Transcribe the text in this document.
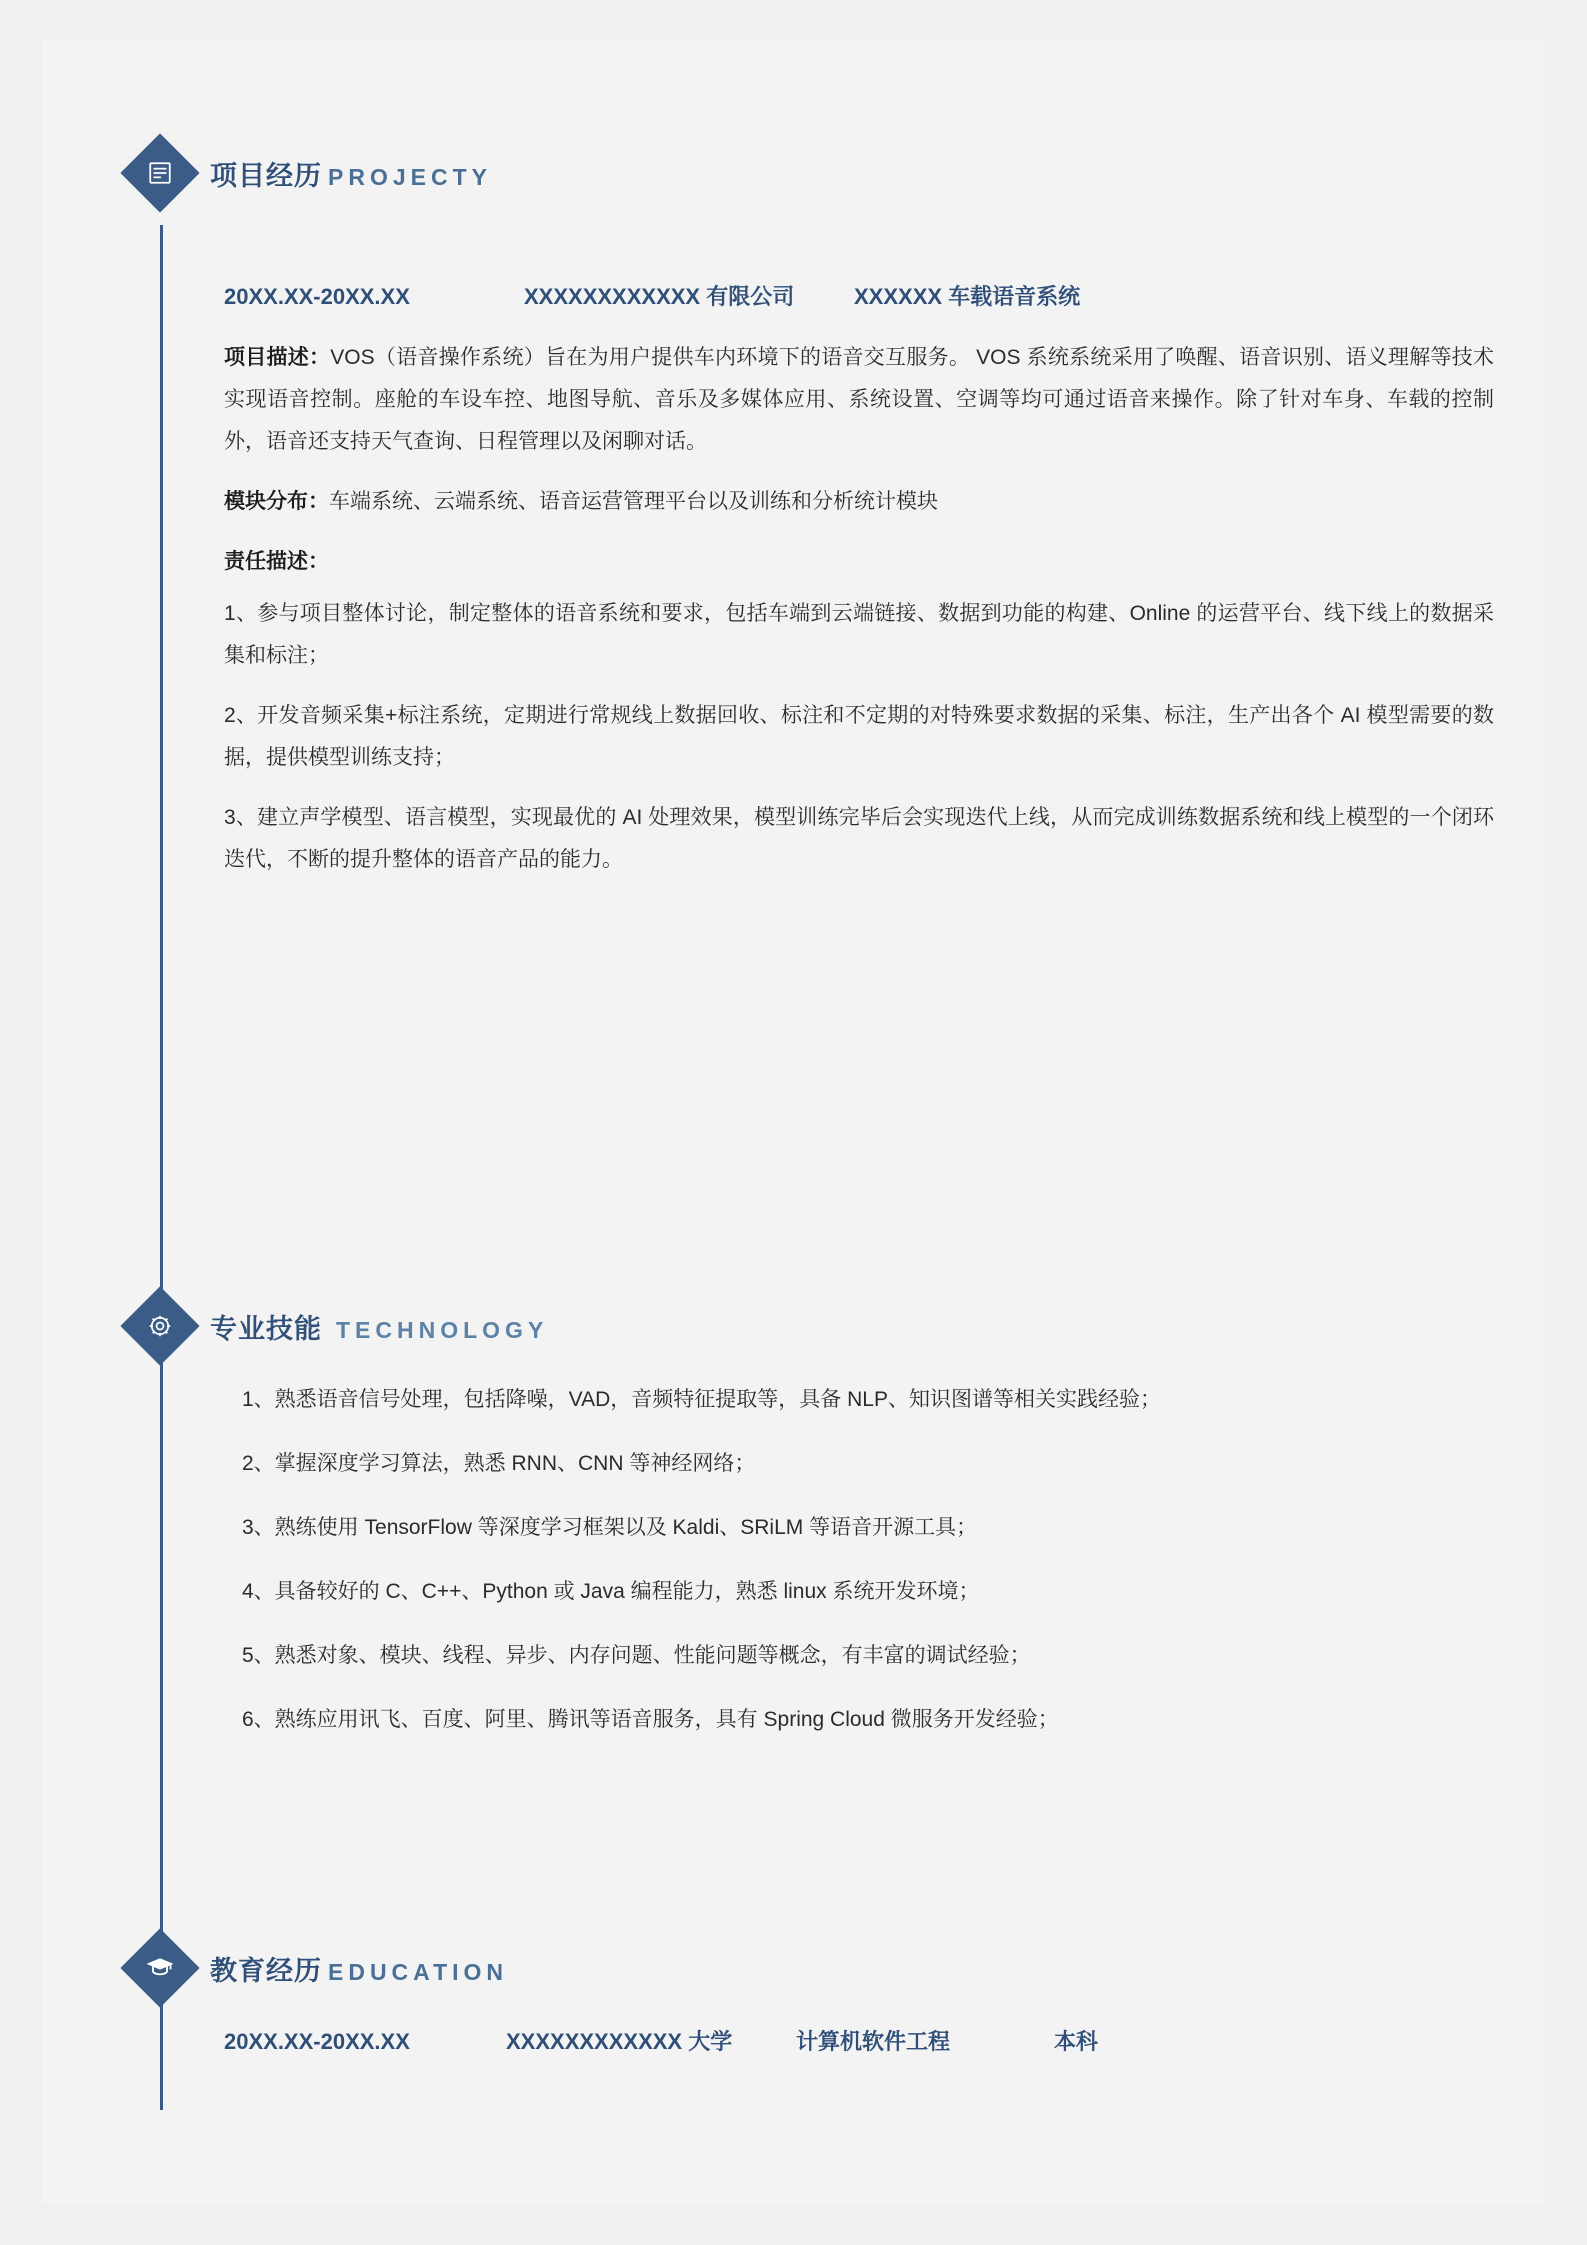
项目经历 PROJECTY
20XX.XX-20XX.XX	XXXXXXXXXXXX 有限公司	XXXXXX 车载语音系统

项目描述：VOS（语音操作系统）旨在为用户提供车内环境下的语音交互服务。 VOS 系统系统采用了唤醒、语音识别、语义理解等技术实现语音控制。座舱的车设车控、地图导航、音乐及多媒体应用、系统设置、空调等均可通过语音来操作。除了针对车身、车载的控制外，语音还支持天气查询、日程管理以及闲聊对话。

模块分布：车端系统、云端系统、语音运营管理平台以及训练和分析统计模块

责任描述：

1、参与项目整体讨论，制定整体的语音系统和要求，包括车端到云端链接、数据到功能的构建、Online 的运营平台、线下线上的数据采集和标注；

2、开发音频采集+标注系统，定期进行常规线上数据回收、标注和不定期的对特殊要求数据的采集、标注，生产出各个 AI 模型需要的数据，提供模型训练支持；

3、建立声学模型、语言模型，实现最优的 AI 处理效果，模型训练完毕后会实现迭代上线，从而完成训练数据系统和线上模型的一个闭环迭代，不断的提升整体的语音产品的能力。

专业技能 TECHNOLOGY

1、熟悉语音信号处理，包括降噪，VAD，音频特征提取等，具备 NLP、知识图谱等相关实践经验；

2、掌握深度学习算法，熟悉 RNN、CNN 等神经网络；

3、熟练使用 TensorFlow 等深度学习框架以及 Kaldi、SRiLM 等语音开源工具；

4、具备较好的 C、C++、Python 或 Java 编程能力，熟悉 linux 系统开发环境；

5、熟悉对象、模块、线程、异步、内存问题、性能问题等概念，有丰富的调试经验；

6、熟练应用讯飞、百度、阿里、腾讯等语音服务，具有 Spring Cloud 微服务开发经验；

教育经历 EDUCATION
20XX.XX-20XX.XX	XXXXXXXXXXXX 大学	计算机软件工程	本科
